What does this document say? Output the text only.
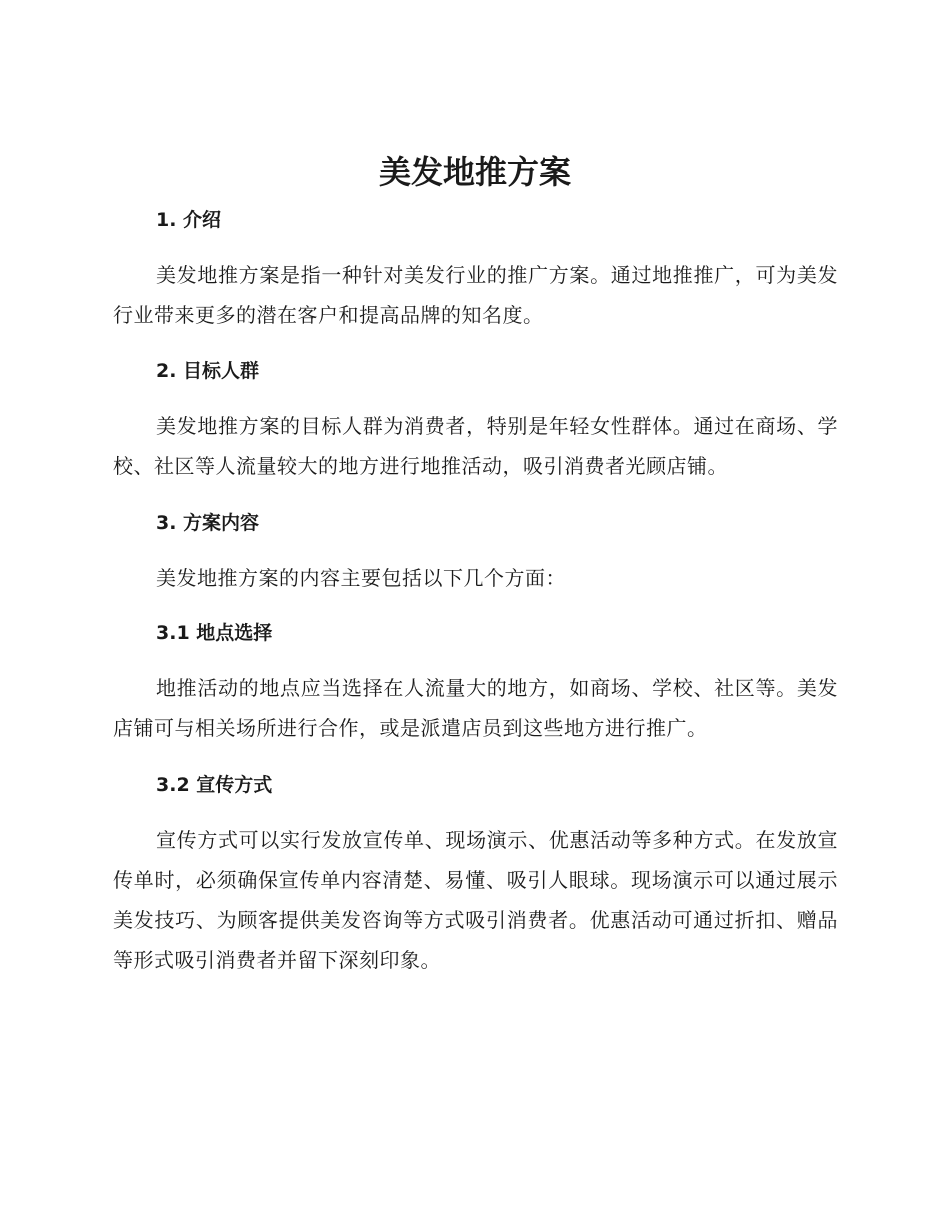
美发地推方案
1. 介绍

美发地推方案是指一种针对美发行业的推广方案。通过地推推广，可为美发行业带来更多的潜在客户和提高品牌的知名度。

2. 目标人群

美发地推方案的目标人群为消费者，特别是年轻女性群体。通过在商场、学校、社区等人流量较大的地方进行地推活动，吸引消费者光顾店铺。

3. 方案内容

美发地推方案的内容主要包括以下几个方面：

3.1 地点选择

地推活动的地点应当选择在人流量大的地方，如商场、学校、社区等。美发店铺可与相关场所进行合作，或是派遣店员到这些地方进行推广。

3.2 宣传方式

宣传方式可以实行发放宣传单、现场演示、优惠活动等多种方式。在发放宣传单时，必须确保宣传单内容清楚、易懂、吸引人眼球。现场演示可以通过展示美发技巧、为顾客提供美发咨询等方式吸引消费者。优惠活动可通过折扣、赠品等形式吸引消费者并留下深刻印象。
